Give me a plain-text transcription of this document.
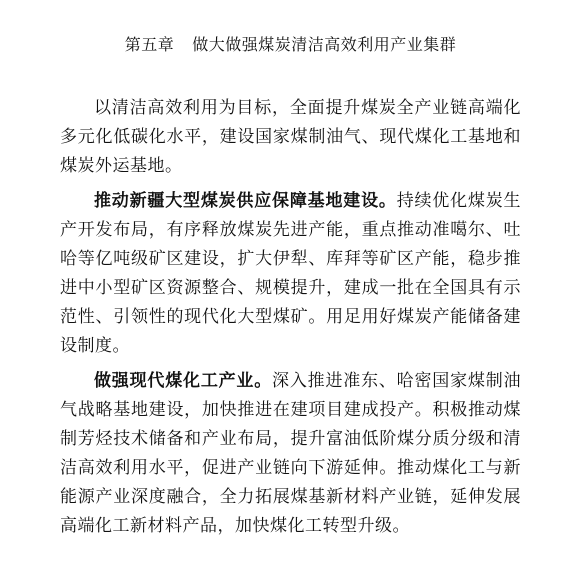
第五章 做大做强煤炭清洁高效利用产业集群

以清洁高效利用为目标，全面提升煤炭全产业链高端化多元化低碳化水平，建设国家煤制油气、现代煤化工基地和煤炭外运基地。

推动新疆大型煤炭供应保障基地建设。持续优化煤炭生产开发布局，有序释放煤炭先进产能，重点推动准噶尔、吐哈等亿吨级矿区建设，扩大伊犁、库拜等矿区产能，稳步推进中小型矿区资源整合、规模提升，建成一批在全国具有示范性、引领性的现代化大型煤矿。用足用好煤炭产能储备建设制度。

做强现代煤化工产业。深入推进准东、哈密国家煤制油气战略基地建设，加快推进在建项目建成投产。积极推动煤制芳烃技术储备和产业布局，提升富油低阶煤分质分级和清洁高效利用水平，促进产业链向下游延伸。推动煤化工与新能源产业深度融合，全力拓展煤基新材料产业链，延伸发展高端化工新材料产品，加快煤化工转型升级。
